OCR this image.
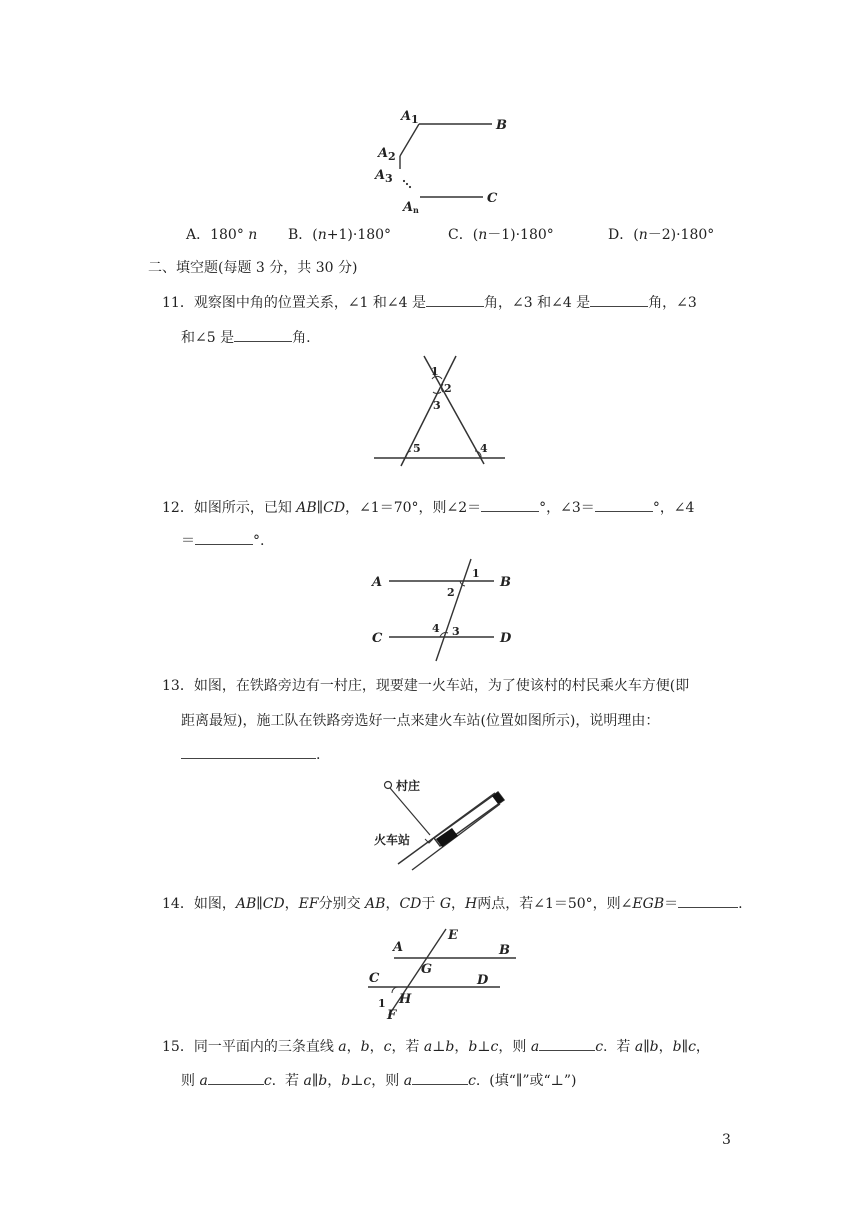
A 1	B
A 2
A 3
A n
C
A．180° n B．(n+1)·180°	C．(n－1)·180°	D．(n－2)·180°
二、填空题(每题 3 分，共 30 分)
11．观察图中角的位置关系，∠1 和∠4 是	角，∠3 和∠4 是	角，∠3
和∠5 是	角.
1
2
3
4
5
12．如图所示，已知 AB∥CD，∠1＝70°，则∠2＝	°，∠3＝	°，∠4
＝	°.
A	B
C	D
1
2
3
4
13．如图，在铁路旁边有一村庄，现要建一火车站，为了使该村的村民乘火车方便(即
距离最短)，施工队在铁路旁选好一点来建火车站(位置如图所示)，说明理由：
.
村庄
火车站
14．如图，AB∥CD，EF分别交 AB，CD于 G，H两点，若∠1＝50°，则∠EGB＝	.
A
E
B
G
C	D
1 H
F
15．同一平面内的三条直线 a，b，c，若 a⊥b，b⊥c，则 a	c.  若 a∥b，b∥c，
则 a	c.  若 a∥b，b⊥c，则 a	c.  (填“∥”或“⊥”)
3
